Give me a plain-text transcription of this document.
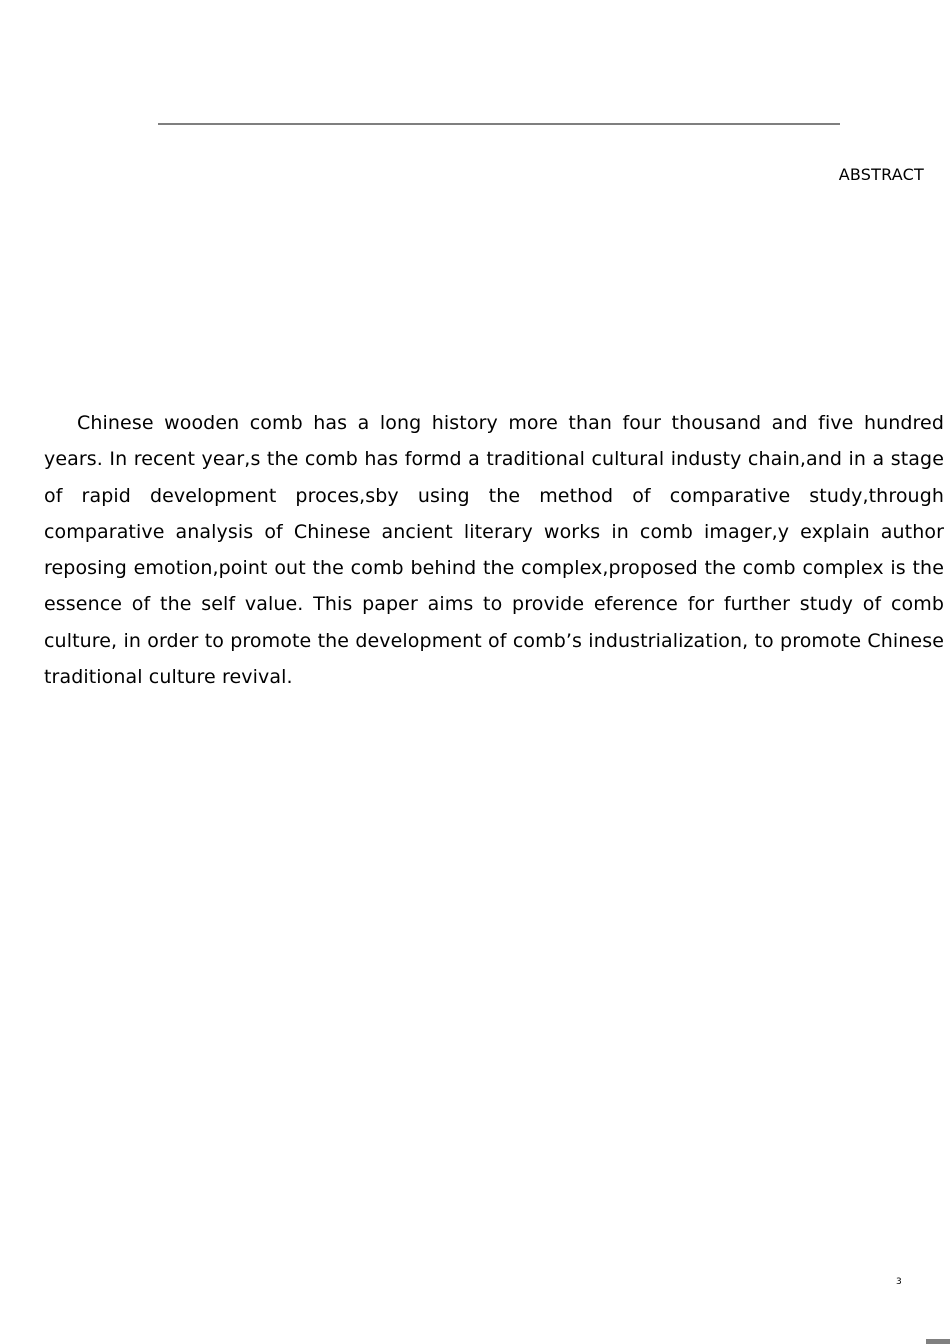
ABSTRACT

Chinese wooden comb has a long history more than four thousand and five hundred years. In recent year,s the comb has formd a traditional cultural industy chain,and in a stage of rapid development proces,sby using the method of comparative study,through comparative analysis of Chinese ancient literary works in comb imager,y explain author reposing emotion,point out the comb behind the complex,proposed the comb complex is the essence of the self value. This paper aims to provide eference for further study of comb culture, in order to promote the development of comb’s industrialization, to promote Chinese traditional culture revival.

3
